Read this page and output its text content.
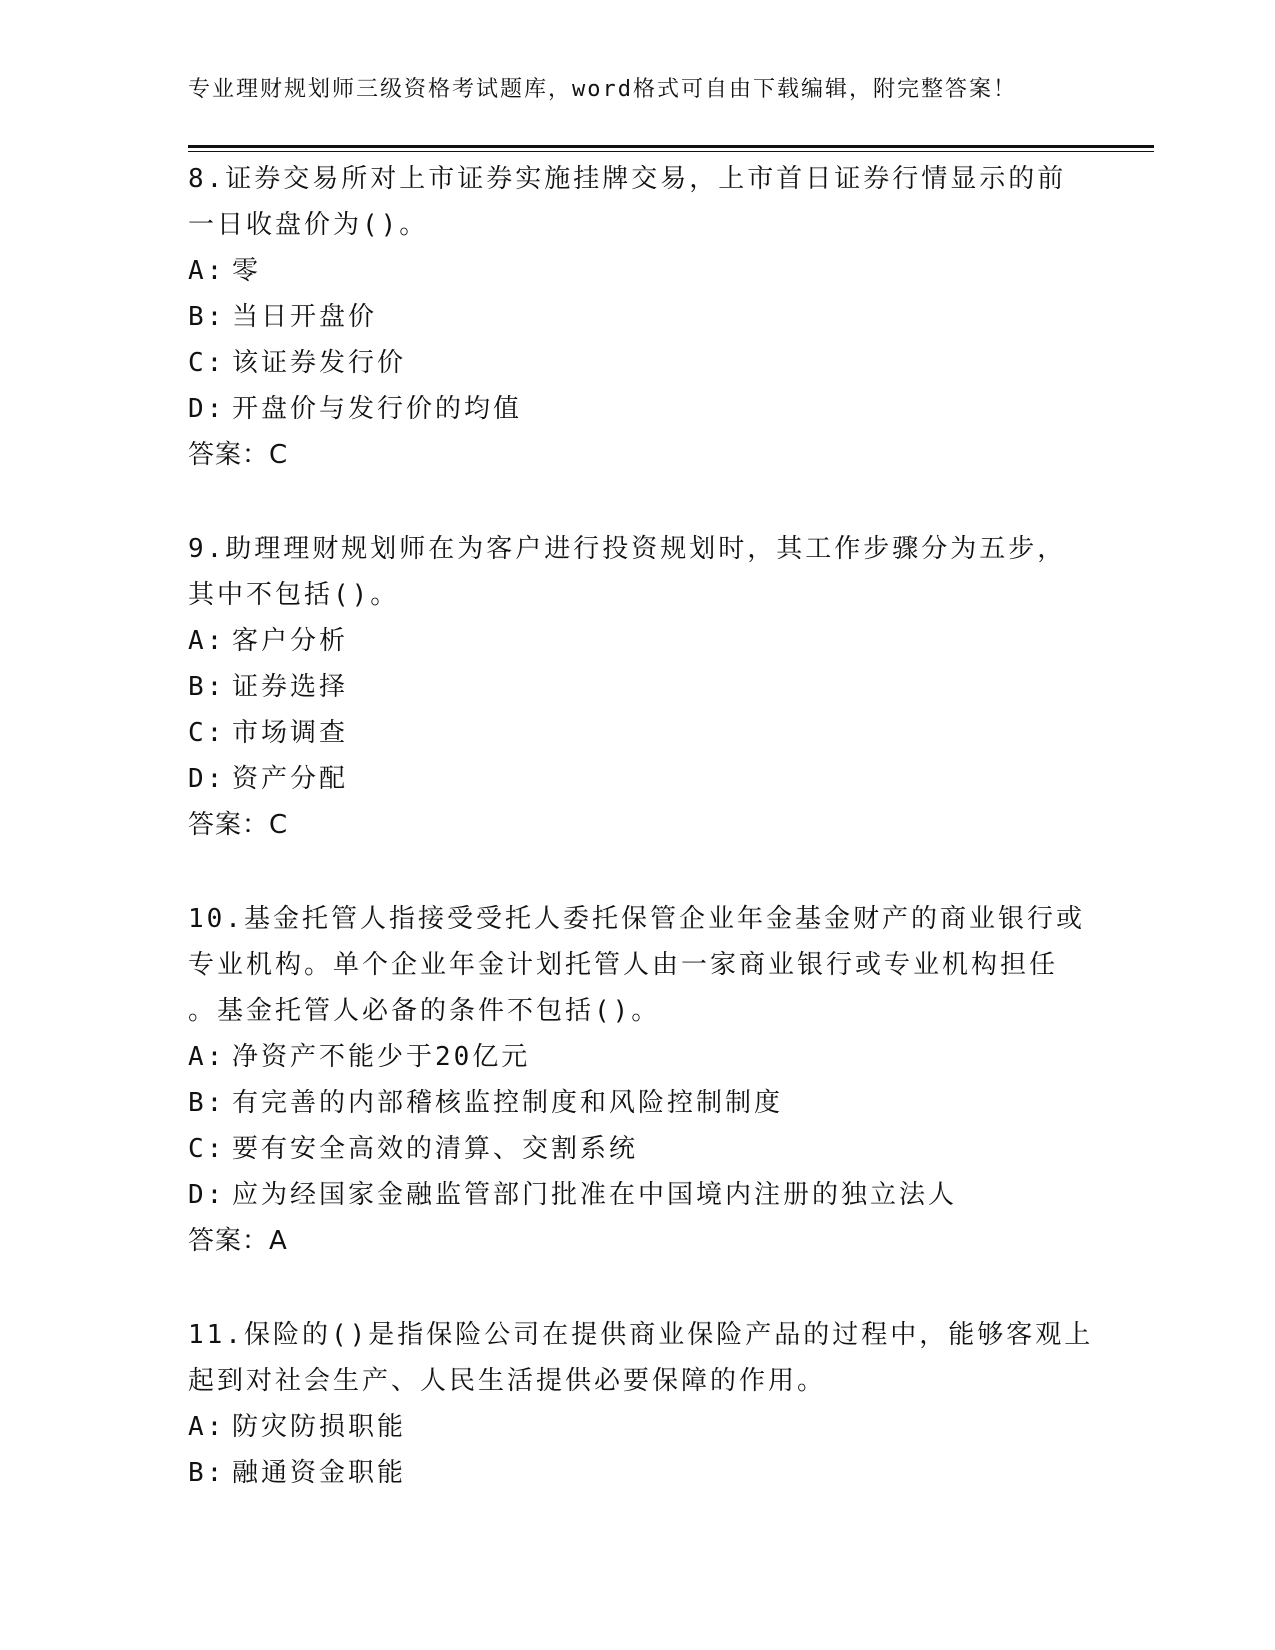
专业理财规划师三级资格考试题库，word格式可自由下载编辑，附完整答案！
8.证券交易所对上市证券实施挂牌交易，上市首日证券行情显示的前
一日收盘价为()。
A: 零
B: 当日开盘价
C: 该证券发行价
D: 开盘价与发行价的均值
答案：C
9.助理理财规划师在为客户进行投资规划时，其工作步骤分为五步，
其中不包括()。
A: 客户分析
B: 证券选择
C: 市场调查
D: 资产分配
答案：C
10.基金托管人指接受受托人委托保管企业年金基金财产的商业银行或
专业机构。单个企业年金计划托管人由一家商业银行或专业机构担任
。基金托管人必备的条件不包括()。
A: 净资产不能少于20亿元
B: 有完善的内部稽核监控制度和风险控制制度
C: 要有安全高效的清算、交割系统
D: 应为经国家金融监管部门批准在中国境内注册的独立法人
答案：A
11.保险的()是指保险公司在提供商业保险产品的过程中，能够客观上
起到对社会生产、人民生活提供必要保障的作用。
A: 防灾防损职能
B: 融通资金职能
